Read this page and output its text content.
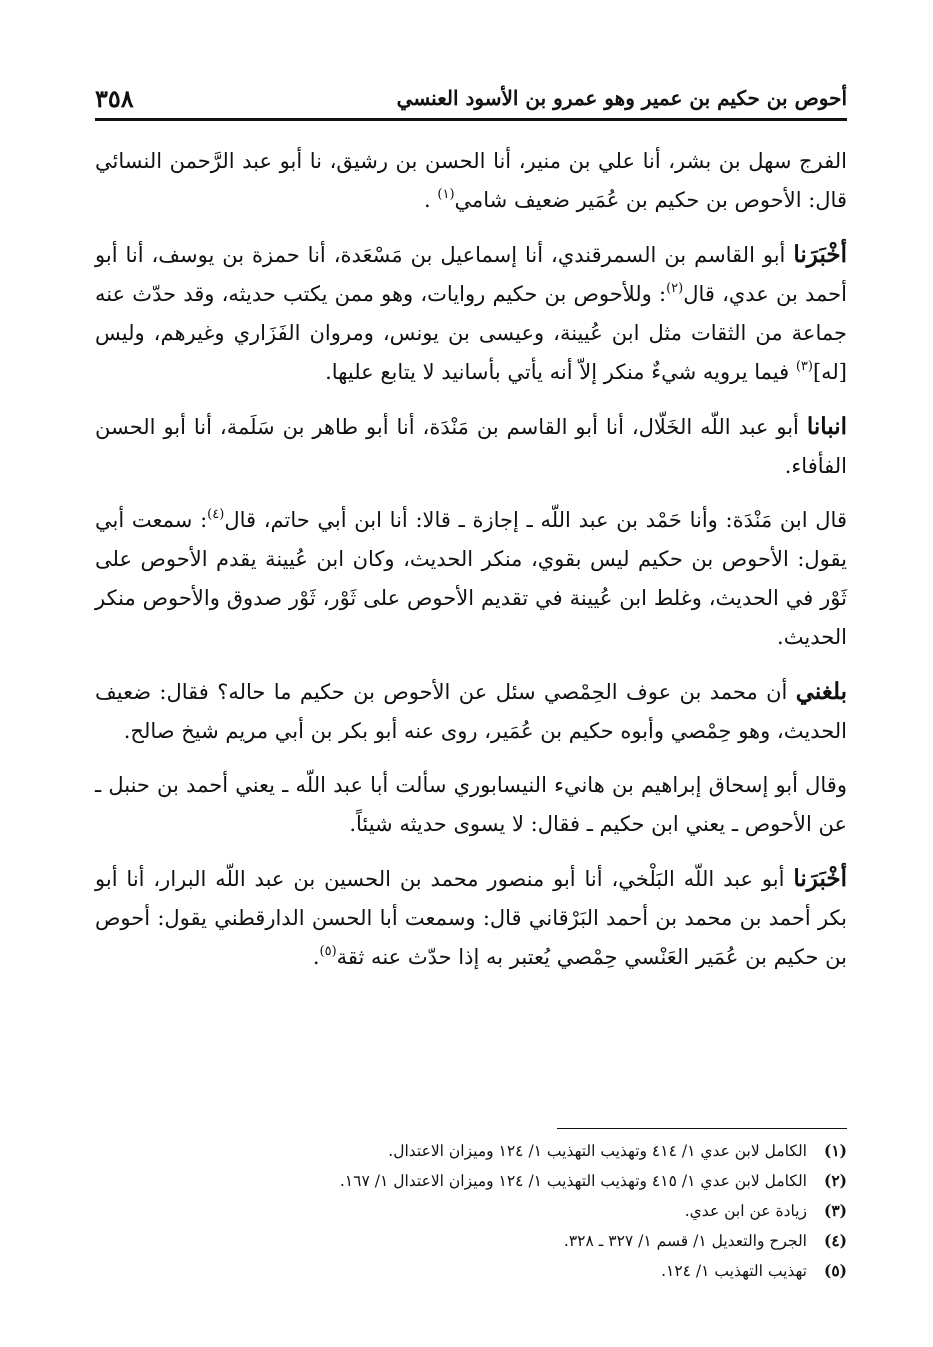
أحوص بن حكيم بن عمير وهو عمرو بن الأسود العنسي
٣٥٨

الفرج سهل بن بشر، أنا علي بن منير، أنا الحسن بن رشيق، نا أبو عبد الرَّحمن النسائي قال: الأحوص بن حكيم بن عُمَير ضعيف شامي$^{(١)}$ .

أخْبَرَنا أبو القاسم بن السمرقندي، أنا إسماعيل بن مَسْعَدة، أنا حمزة بن يوسف، أنا أبو أحمد بن عدي، قال$^{(٢)}$: وللأحوص بن حكيم روايات، وهو ممن يكتب حديثه، وقد حدّث عنه جماعة من الثقات مثل ابن عُيينة، وعيسى بن يونس، ومروان الفَزَاري وغيرهم، وليس [له]$^{(٣)}$ فيما يرويه شيءٌ منكر إلاّ أنه يأتي بأسانيد لا يتابع عليها.

انبانا أبو عبد اللّه الخَلّال، أنا أبو القاسم بن مَنْدَة، أنا أبو طاهر بن سَلَمة، أنا أبو الحسن الفأفاء.

قال ابن مَنْدَة: وأنا حَمْد بن عبد اللّه ـ إجازة ـ قالا: أنا ابن أبي حاتم، قال$^{(٤)}$: سمعت أبي يقول: الأحوص بن حكيم ليس بقوي، منكر الحديث، وكان ابن عُيينة يقدم الأحوص على ثَوْر في الحديث، وغلط ابن عُيينة في تقديم الأحوص على ثَوْر، ثَوْر صدوق والأحوص منكر الحديث.

بلغني أن محمد بن عوف الحِمْصي سئل عن الأحوص بن حكيم ما حاله؟ فقال: ضعيف الحديث، وهو حِمْصي وأبوه حكيم بن عُمَير، روى عنه أبو بكر بن أبي مريم شيخ صالح.

وقال أبو إسحاق إبراهيم بن هانيء النيسابوري سألت أبا عبد اللّه ـ يعني أحمد بن حنبل ـ عن الأحوص ـ يعني ابن حكيم ـ فقال: لا يسوى حديثه شيئاً.

أخْبَرَنا أبو عبد اللّه البَلْخي، أنا أبو منصور محمد بن الحسين بن عبد اللّه البرار، أنا أبو بكر أحمد بن محمد بن أحمد البَرْقاني قال: وسمعت أبا الحسن الدارقطني يقول: أحوص بن حكيم بن عُمَير العَنْسي حِمْصي يُعتبر به إذا حدّث عنه ثقة$^{(٥)}$.

(١)
الكامل لابن عدي ١/ ٤١٤ وتهذيب التهذيب ١/ ١٢٤ وميزان الاعتدال.
(٢)
الكامل لابن عدي ١/ ٤١٥ وتهذيب التهذيب ١/ ١٢٤ وميزان الاعتدال ١/ ١٦٧.
(٣)
زيادة عن ابن عدي.
(٤)
الجرح والتعديل ١/ قسم ١/ ٣٢٧ ـ ٣٢٨.
(٥)
تهذيب التهذيب ١/ ١٢٤.
